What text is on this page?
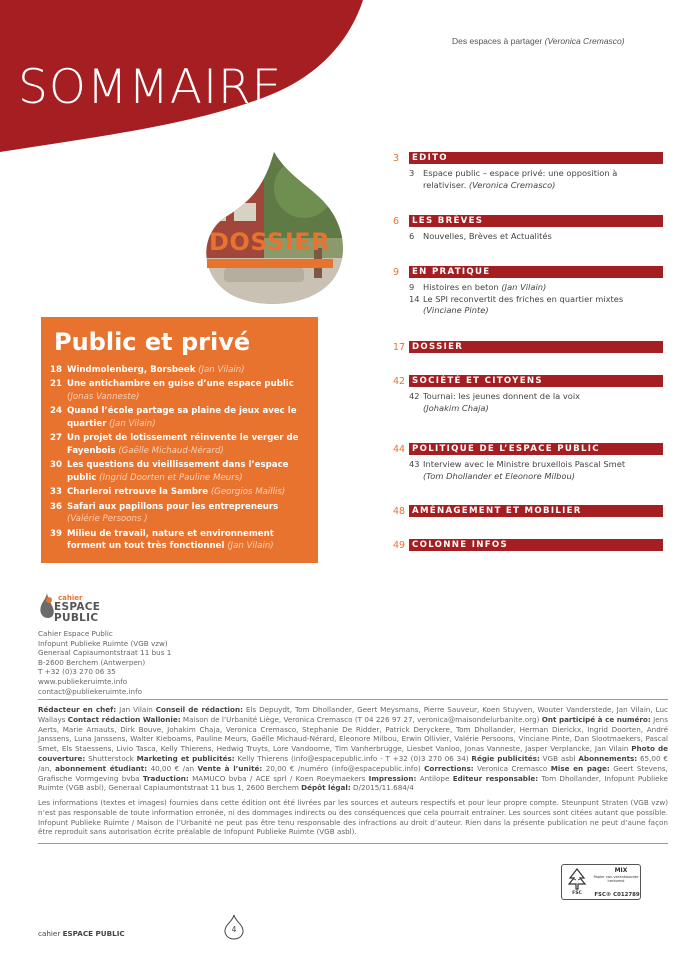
Des espaces à partager (Veronica Cremasco)
SOMMAIRE
DOSSIER
Public et privé
18 Windmolenberg, Borsbeek (Jan Vilain)
21 Une antichambre en guise d’une espace public (Jonas Vanneste)
24 Quand l’école partage sa plaine de jeux avec le quartier (Jan Vilain)
27 Un projet de lotissement réinvente le verger de Fayenbois (Gaëlle Michaud-Nérard)
30 Les questions du vieillissement dans l’espace public (Ingrid Doorten et Pauline Meurs)
33 Charleroi retrouve la Sambre (Georgios Maillis)
36 Safari aux papillons pour les entrepreneurs (Valérie Persoons )
39 Milieu de travail, nature et environnement forment un tout très fonctionnel (Jan Vilain)
3	EDITO
3	Espace public – espace privé: une opposition à relativiser. (Veronica Cremasco)
6	LES BRÈVES
6	Nouvelles, Brèves et Actualités
9	EN PRATIQUE
9	Histoires en beton (Jan Vilain)
14 Le SPI reconvertit des friches en quartier mixtes (Vinciane Pinte)
17 DOSSIER
42 SOCIÉTÉ ET CITOYENS
42 Tournai: les jeunes donnent de la voix
(Johakim Chaja)
44 POLITIQUE DE L’ESPACE PUBLIC
43 Interview avec le Ministre bruxellois Pascal Smet
(Tom Dhollander et Eleonore Milbou)
48 AMÉNAGEMENT ET MOBILIER
49 COLONNE INFOS
cahier
ESPACE
PUBLIC
Cahier Espace Public
Infopunt Publieke Ruimte (VGB vzw)
Generaal Capiaumontstraat 11 bus 1
B-2600 Berchem (Antwerpen)
T +32 (0)3 270 06 35
www.publiekeruimte.info
contact@publiekeruimte.info
Rédacteur en chef: Jan Vilain Conseil de rédaction: Els Depuydt, Tom Dhollander, Geert Meysmans, Pierre Sauveur, Koen Stuyven, Wouter Vanderstede, Jan Vilain, Luc Wallays Contact rédaction Wallonie: Maison de l’Urbanité Liège, Veronica Cremasco (T 04 226 97 27, veronica@maisondelurbanite.org) Ont participé à ce numéro: Jens Aerts, Marie Arnauts, Dirk Bouve, Johakim Chaja, Veronica Cremasco, Stephanie De Ridder, Patrick Deryckere, Tom Dhollander, Herman Dierickx, Ingrid Doorten, André Janssens, Luna Janssens, Walter Kieboams, Pauline Meurs, Gaëlle Michaud-Nérard, Eleonore Milbou, Erwin Ollivier, Valérie Persoons, Vinciane Pinte, Dan Slootmaekers, Pascal Smet, Els Staessens, Livio Tasca, Kelly Thierens, Hedwig Truyts, Lore Vandoorne, Tim Vanherbrugge, Liesbet Vanloo, Jonas Vanneste, Jasper Verplancke, Jan Vilain Photo de couverture: Shutterstock Marketing et publicités: Kelly Thierens (info@espacepublic.info - T +32 (0)3 270 06 34) Régie publicités: VGB asbl Abonnements: 65,00 € /an, abonnement étudiant: 40,00 € /an Vente à l’unité: 20,00 € /numéro (info@espacepublic.info) Corrections: Veronica Cremasco Mise en page: Geert Stevens, Grafische Vormgeving bvba Traduction: MAMUCO bvba / ACE sprl / Koen Roeymaekers Impression: Antilope Editeur responsable: Tom Dhollander, Infopunt Publieke Ruimte (VGB asbl), Generaal Capiaumontstraat 11 bus 1, 2600 Berchem Dépôt légal: D/2015/11.684/4
Les informations (textes et images) fournies dans cette édition ont été livrées par les sources et auteurs respectifs et pour leur propre compte. Steunpunt Straten (VGB vzw) n’est pas responsable de toute information erronée, ni des dommages indirects ou des conséquences que cela pourrait entrainer. Les sources sont citées autant que possible. Infopunt Publieke Ruimte / Maison de l’Urbanité ne peut pas être tenu responsable des infractions au droit d’auteur. Rien dans la présente publication ne peut d’aune façon être reproduit sans autorisation écrite préalable de Infopunt Publieke Ruimte (VGB asbl).
FSC
MIX
Papier van verantwoorde herkomst
FSC® C012789
cahier ESPACE PUBLIC	4
